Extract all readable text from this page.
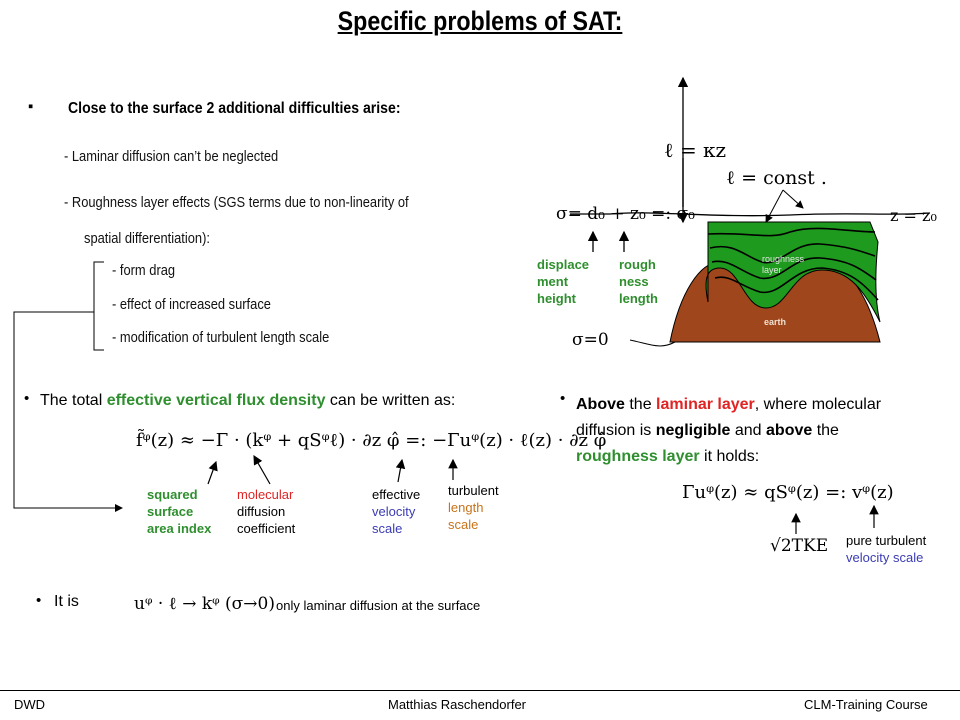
Specific problems of SAT:
▪ Close to the surface 2 additional difficulties arise:
- Laminar diffusion can’t be neglected
- Roughness layer effects (SGS terms due to non-linearity of
spatial differentiation):
- form drag
- effect of increased surface
- modification of turbulent length scale
ℓ = κz
ℓ = const .
σ= d₀ + z₀ =: σ₀	z = z₀
σ=0
displace
ment
height
rough
ness
length
roughness
layer
earth
• The total effective vertical flux density can be written as:
f̃ᵠ(z) ≈ −Γ · (kᵠ + qSᵠℓ) · ∂z φ̂ =: −Γuᵠ(z) · ℓ(z) · ∂z φ̂
squared
surface
area index
molecular
diffusion
coefficient
effective
velocity
scale
turbulent
length
scale
• Above the laminar layer, where molecular
diffusion is negligible and above the
roughness layer it holds:
Γuᵠ(z) ≈ qSᵠ(z) =: vᵠ(z)
√2TKE pure turbulent
velocity scale
• It is	uᵠ · ℓ → kᵠ (σ→0) only laminar diffusion at the surface
DWD	Matthias Raschendorfer	CLM-Training Course
